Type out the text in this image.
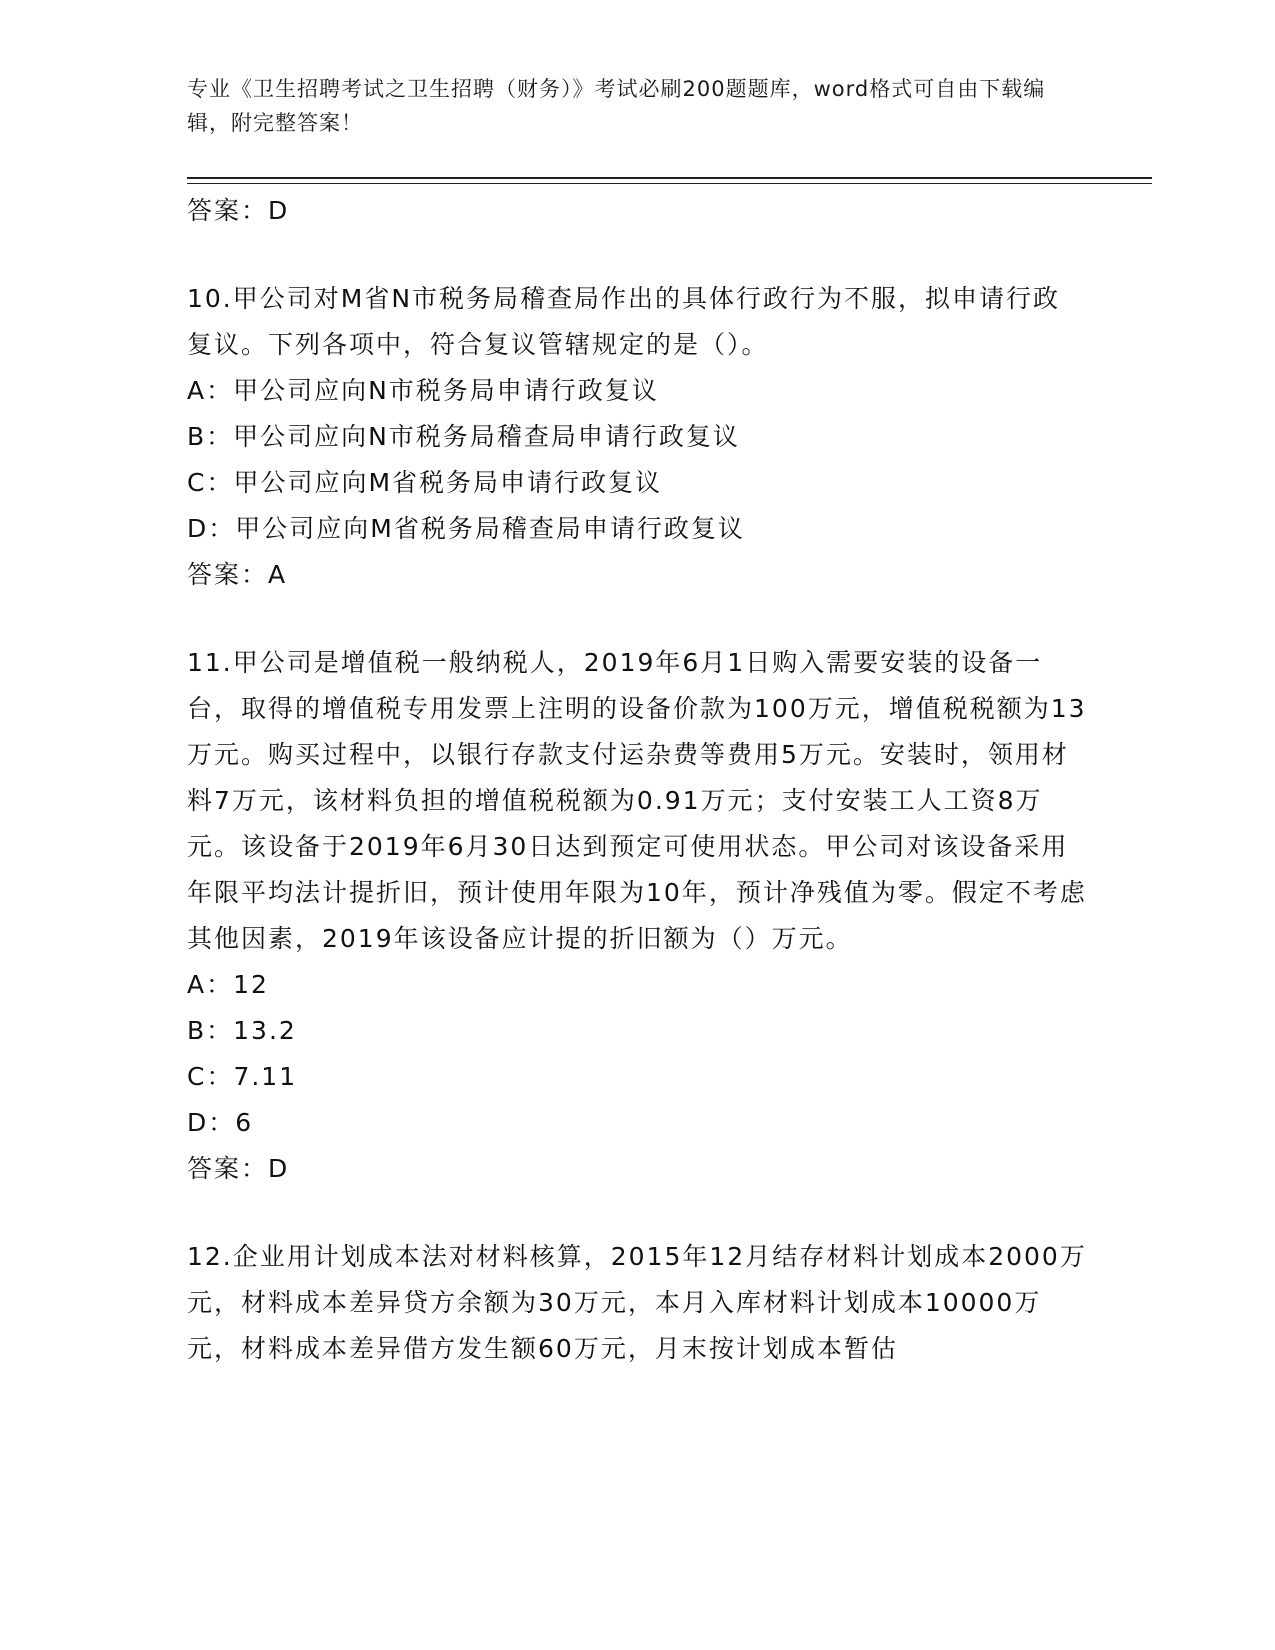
专业《卫生招聘考试之卫生招聘（财务）》考试必刷200题题库，word格式可自由下载编辑，附完整答案！

答案：D

10.甲公司对M省N市税务局稽查局作出的具体行政行为不服，拟申请行政复议。下列各项中，符合复议管辖规定的是（）。

A：甲公司应向N市税务局申请行政复议

B：甲公司应向N市税务局稽查局申请行政复议

C：甲公司应向M省税务局申请行政复议

D：甲公司应向M省税务局稽查局申请行政复议

答案：A

11.甲公司是增值税一般纳税人，2019年6月1日购入需要安装的设备一台，取得的增值税专用发票上注明的设备价款为100万元，增值税税额为13万元。购买过程中，以银行存款支付运杂费等费用5万元。安装时，领用材料7万元，该材料负担的增值税税额为0.91万元；支付安装工人工资8万元。该设备于2019年6月30日达到预定可使用状态。甲公司对该设备采用年限平均法计提折旧，预计使用年限为10年，预计净残值为零。假定不考虑其他因素，2019年该设备应计提的折旧额为（）万元。

A：12

B：13.2

C：7.11

D：6

答案：D

12.企业用计划成本法对材料核算，2015年12月结存材料计划成本2000万元，材料成本差异贷方余额为30万元，本月入库材料计划成本10000万元，材料成本差异借方发生额60万元，月末按计划成本暂估
